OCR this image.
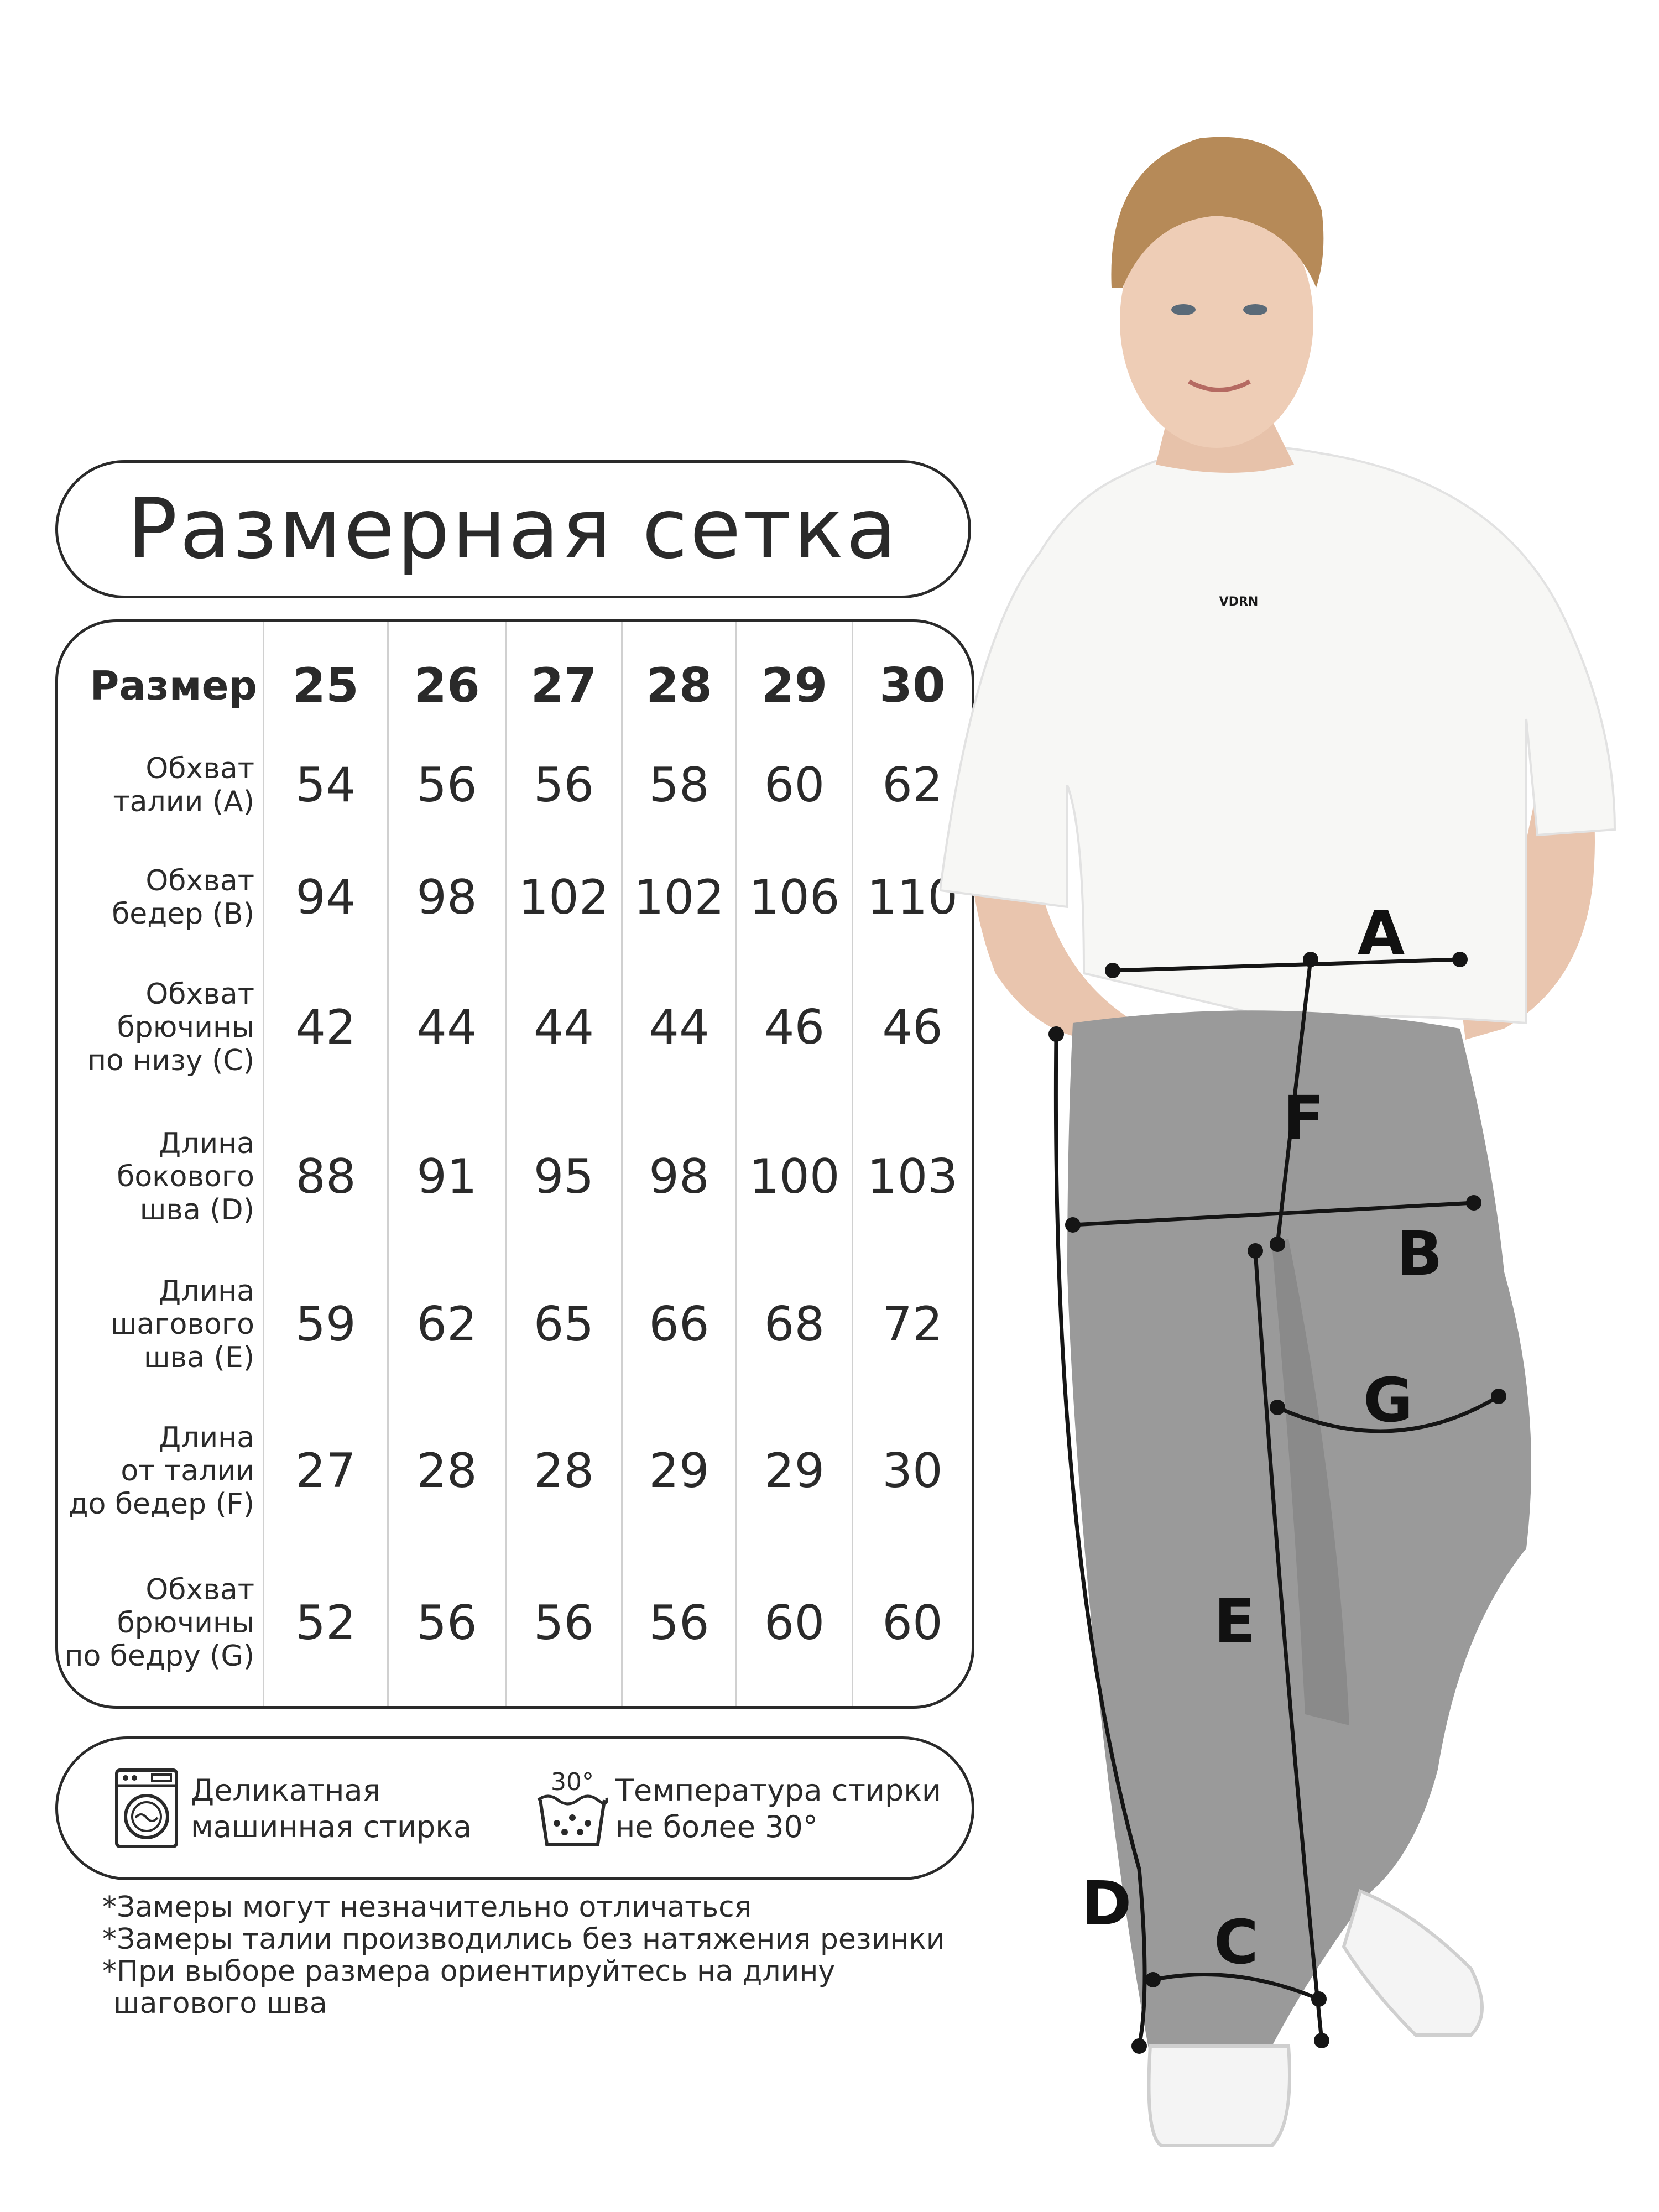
Размерная сетка
Размер 25	26	27	28	29	30
Обхват
талии (A) 54	56	56	58	60	62
Обхват
бедер (B) 94	98 102 102 106 110
Обхват
брючины
по низу (C)
42	44	44	44	46	46
Длина
бокового
шва (D)
88	91	95	98 100 103
Длина
шагового
шва (E)
59	62	65	66	68	72
Длина
от талии
до бедер (F)
27	28	28	29	29	30
Обхват
брючины
по бедру (G)
52	56	56	56	60	60
Деликатная
машинная стирка
30° Температура стирки
не более 30°
*Замеры могут незначительно отличаться
*Замеры талии производились без натяжения резинки
*При выборе размера ориентируйтесь на длину
шагового шва
VDRN
A
F
B
G
E
D
C
